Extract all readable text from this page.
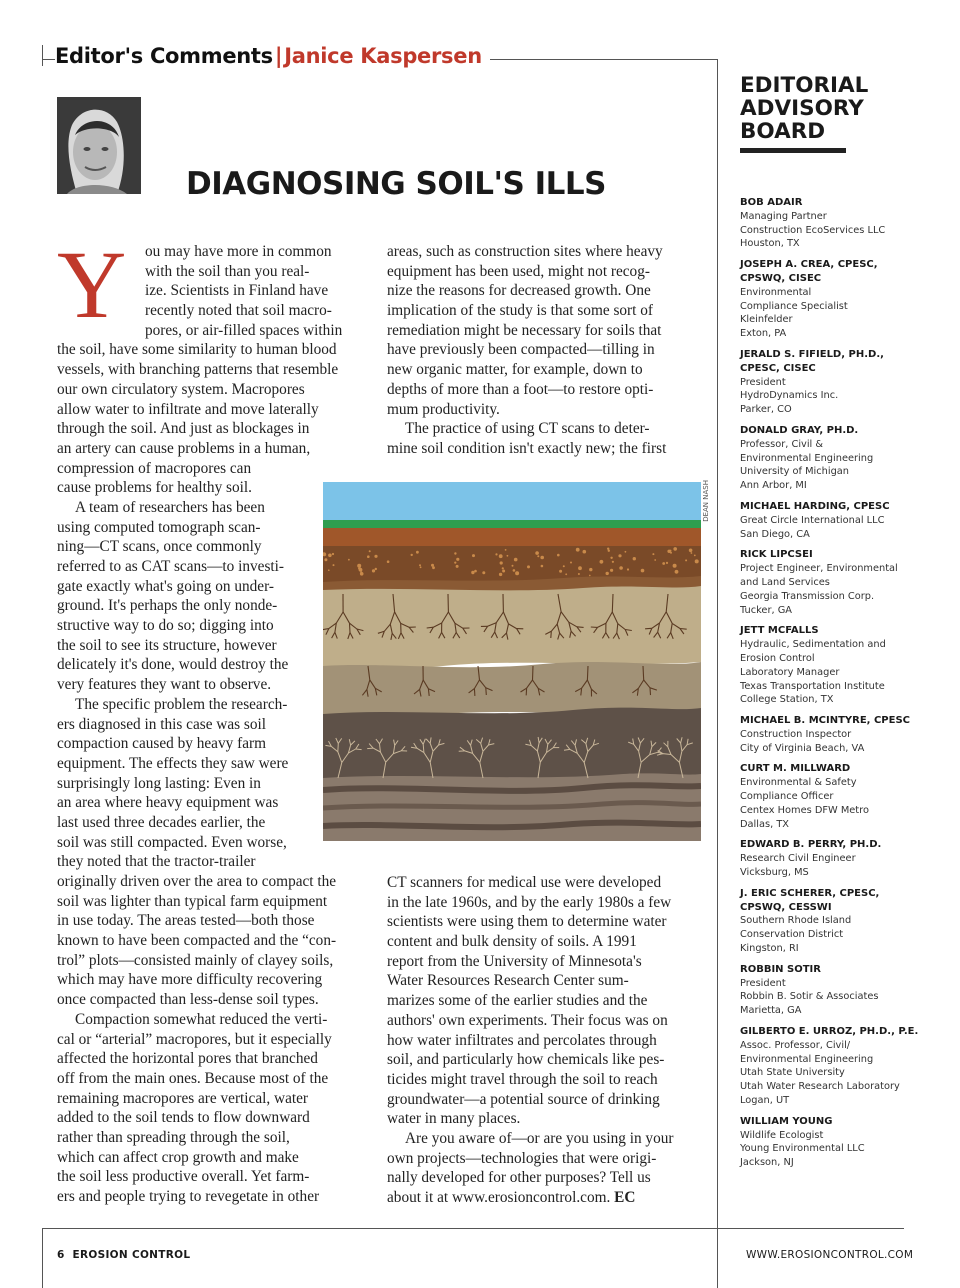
Editor's Comments|Janice Kaspersen
DIAGNOSING SOIL'S ILLS
Y	ou may have more in common
with the soil than you real-
ize. Scientists in Finland have
recently noted that soil macro-
pores, or air-filled spaces within
the soil, have some similarity to human blood
vessels, with branching patterns that resemble
our own circulatory system. Macropores
allow water to infiltrate and move laterally
through the soil. And just as blockages in
an artery can cause problems in a human,
compression of macropores can
cause problems for healthy soil.
A team of researchers has been
using computed tomograph scan-
ning—CT scans, once commonly
referred to as CAT scans—to investi-
gate exactly what's going on under-
ground. It's perhaps the only nonde-
structive way to do so; digging into
the soil to see its structure, however
delicately it's done, would destroy the
very features they want to observe.
The specific problem the research-
ers diagnosed in this case was soil
compaction caused by heavy farm
equipment. The effects they saw were
surprisingly long lasting: Even in
an area where heavy equipment was
last used three decades earlier, the
soil was still compacted. Even worse,
they noted that the tractor-trailer
originally driven over the area to compact the
soil was lighter than typical farm equipment
in use today. The areas tested—both those
known to have been compacted and the “con-
trol” plots—consisted mainly of clayey soils,
which may have more difficulty recovering
once compacted than less-dense soil types.
Compaction somewhat reduced the verti-
cal or “arterial” macropores, but it especially
affected the horizontal pores that branched
off from the main ones. Because most of the
remaining macropores are vertical, water
added to the soil tends to flow downward
rather than spreading through the soil,
which can affect crop growth and make
the soil less productive overall. Yet farm-
ers and people trying to revegetate in other
areas, such as construction sites where heavy
equipment has been used, might not recog-
nize the reasons for decreased growth. One
implication of the study is that some sort of
remediation might be necessary for soils that
have previously been compacted—tilling in
new organic matter, for example, down to
depths of more than a foot—to restore opti-
mum productivity.
The practice of using CT scans to deter-
mine soil condition isn't exactly new; the first
DEAN NASH
CT scanners for medical use were developed
in the late 1960s, and by the early 1980s a few
scientists were using them to determine water
content and bulk density of soils. A 1991
report from the University of Minnesota's
Water Resources Research Center sum-
marizes some of the earlier studies and the
authors' own experiments. Their focus was on
how water infiltrates and percolates through
soil, and particularly how chemicals like pes-
ticides might travel through the soil to reach
groundwater—a potential source of drinking
water in many places.
Are you aware of—or are you using in your
own projects—technologies that were origi-
nally developed for other purposes? Tell us
about it at www.erosioncontrol.com. EC
EDITORIAL
ADVISORY
BOARD
BOB ADAIR
Managing Partner
Construction EcoServices LLC
Houston, TX
JOSEPH A. CREA, CPESC,
CPSWQ, CISEC
Environmental
Compliance Specialist
Kleinfelder
Exton, PA
JERALD S. FIFIELD, PH.D.,
CPESC, CISEC
President
HydroDynamics Inc.
Parker, CO
DONALD GRAY, PH.D.
Professor, Civil &
Environmental Engineering
University of Michigan
Ann Arbor, MI
MICHAEL HARDING, CPESC
Great Circle International LLC
San Diego, CA
RICK LIPCSEI
Project Engineer, Environmental
and Land Services
Georgia Transmission Corp.
Tucker, GA
JETT MCFALLS
Hydraulic, Sedimentation and
Erosion Control
Laboratory Manager
Texas Transportation Institute
College Station, TX
MICHAEL B. MCINTYRE, CPESC
Construction Inspector
City of Virginia Beach, VA
CURT M. MILLWARD
Environmental & Safety
Compliance Officer
Centex Homes DFW Metro
Dallas, TX
EDWARD B. PERRY, PH.D.
Research Civil Engineer
Vicksburg, MS
J. ERIC SCHERER, CPESC,
CPSWQ, CESSWI
Southern Rhode Island
Conservation District
Kingston, RI
ROBBIN SOTIR
President
Robbin B. Sotir & Associates
Marietta, GA
GILBERTO E. URROZ, PH.D., P.E.
Assoc. Professor, Civil/
Environmental Engineering
Utah State University
Utah Water Research Laboratory
Logan, UT
WILLIAM YOUNG
Wildlife Ecologist
Young Environmental LLC
Jackson, NJ
6 EROSION CONTROL	WWW.EROSIONCONTROL.COM
